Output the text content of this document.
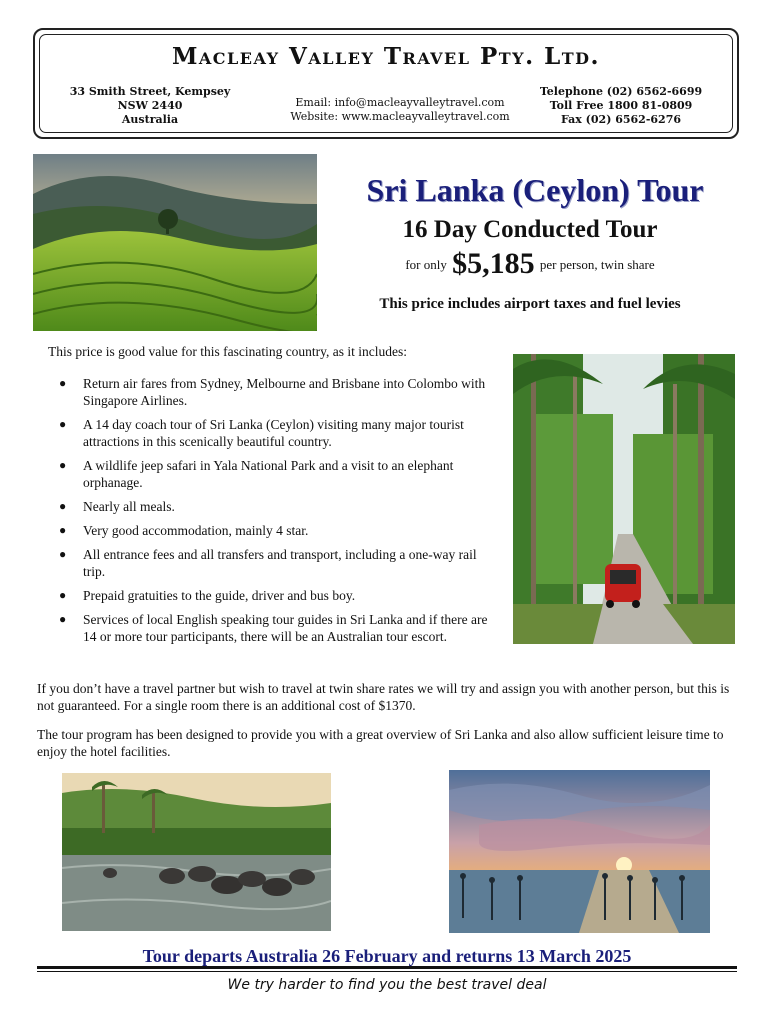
Macleay Valley Travel Pty. Ltd.
33 Smith Street, Kempsey
NSW 2440
Australia
Email: info@macleayvalleytravel.com
Website: www.macleayvalleytravel.com
Telephone (02) 6562-6699
Toll Free 1800 81-0809
Fax (02) 6562-6276
Sri Lanka (Ceylon) Tour
16 Day Conducted Tour
for only $5,185 per person, twin share
This price includes airport taxes and fuel levies
This price is good value for this fascinating country, as it includes:
● Return air fares from Sydney, Melbourne and Brisbane into Colombo with Singapore Airlines.
● A 14 day coach tour of Sri Lanka (Ceylon) visiting many major tourist attractions in this scenically beautiful country.
● A wildlife jeep safari in Yala National Park and a visit to an elephant orphanage.
● Nearly all meals.
● Very good accommodation, mainly 4 star.
● All entrance fees and all transfers and transport, including a one-way rail trip.
● Prepaid gratuities to the guide, driver and bus boy.
● Services of local English speaking tour guides in Sri Lanka and if there are 14 or more tour participants, there will be an Australian tour escort.
If you don’t have a travel partner but wish to travel at twin share rates we will try and assign you with another person, but this is not guaranteed. For a single room there is an additional cost of $1370.
The tour program has been designed to provide you with a great overview of Sri Lanka and also allow sufficient leisure time to enjoy the hotel facilities.
Tour departs Australia 26 February and returns 13 March 2025
We try harder to find you the best travel deal
